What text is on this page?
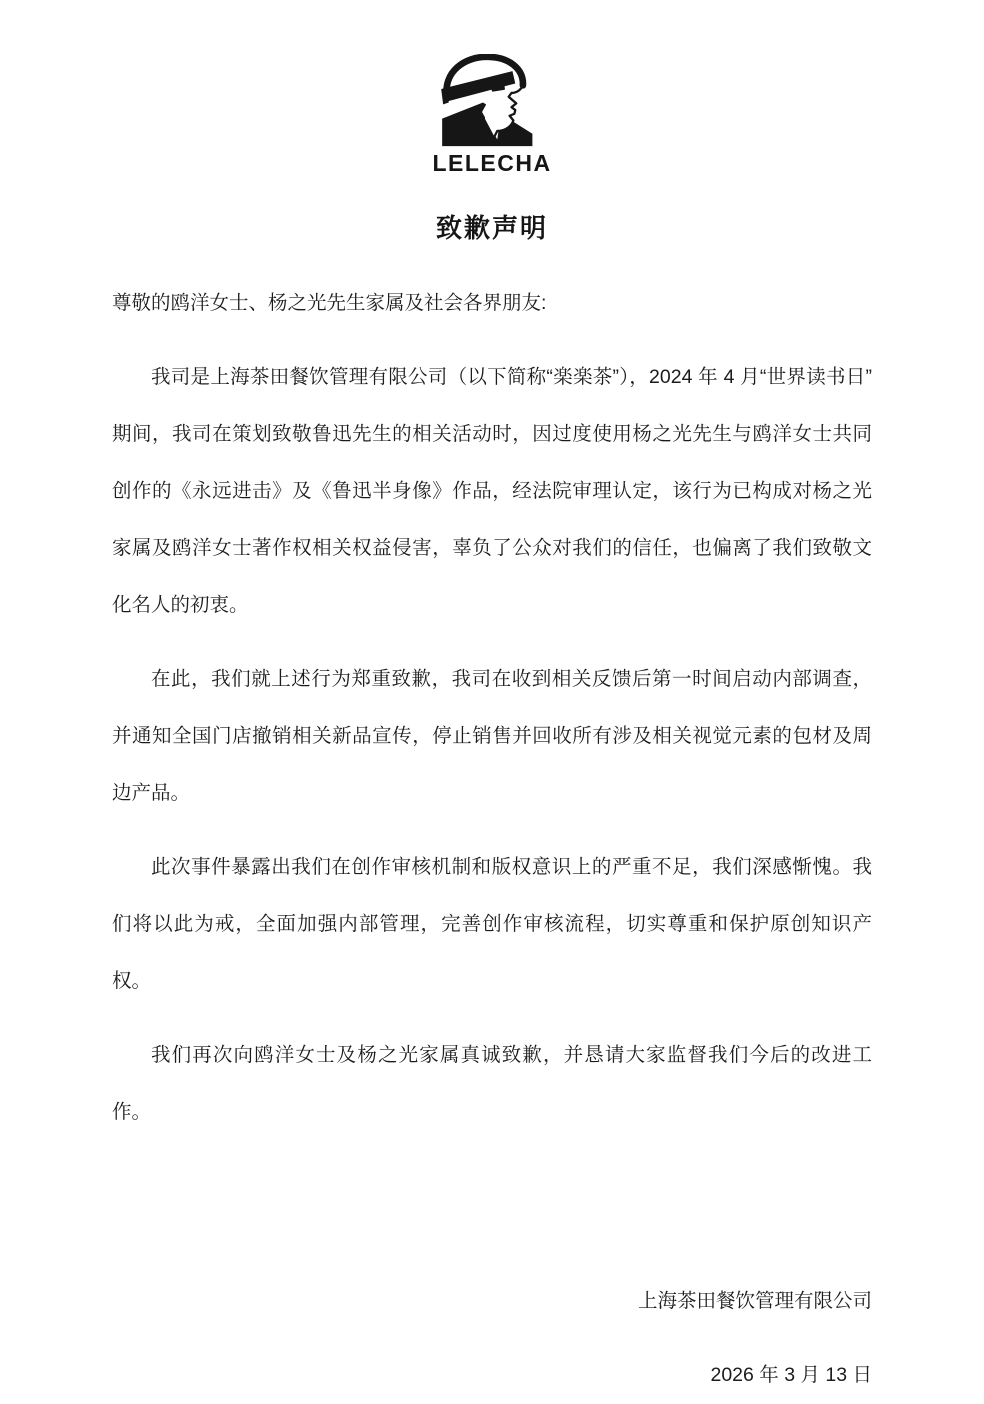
LELECHA
致歉声明

尊敬的鸥洋女士、杨之光先生家属及社会各界朋友:

我司是上海茶田餐饮管理有限公司（以下简称“楽楽茶”），2024 年 4 月“世界读书日”期间，我司在策划致敬鲁迅先生的相关活动时，因过度使用杨之光先生与鸥洋女士共同创作的《永远进击》及《鲁迅半身像》作品，经法院审理认定，该行为已构成对杨之光家属及鸥洋女士著作权相关权益侵害，辜负了公众对我们的信任，也偏离了我们致敬文化名人的初衷。

在此，我们就上述行为郑重致歉，我司在收到相关反馈后第一时间启动内部调查，并通知全国门店撤销相关新品宣传，停止销售并回收所有涉及相关视觉元素的包材及周边产品。

此次事件暴露出我们在创作审核机制和版权意识上的严重不足，我们深感惭愧。我们将以此为戒，全面加强内部管理，完善创作审核流程，切实尊重和保护原创知识产权。

我们再次向鸥洋女士及杨之光家属真诚致歉，并恳请大家监督我们今后的改进工作。

上海茶田餐饮管理有限公司

2026 年 3 月 13 日
